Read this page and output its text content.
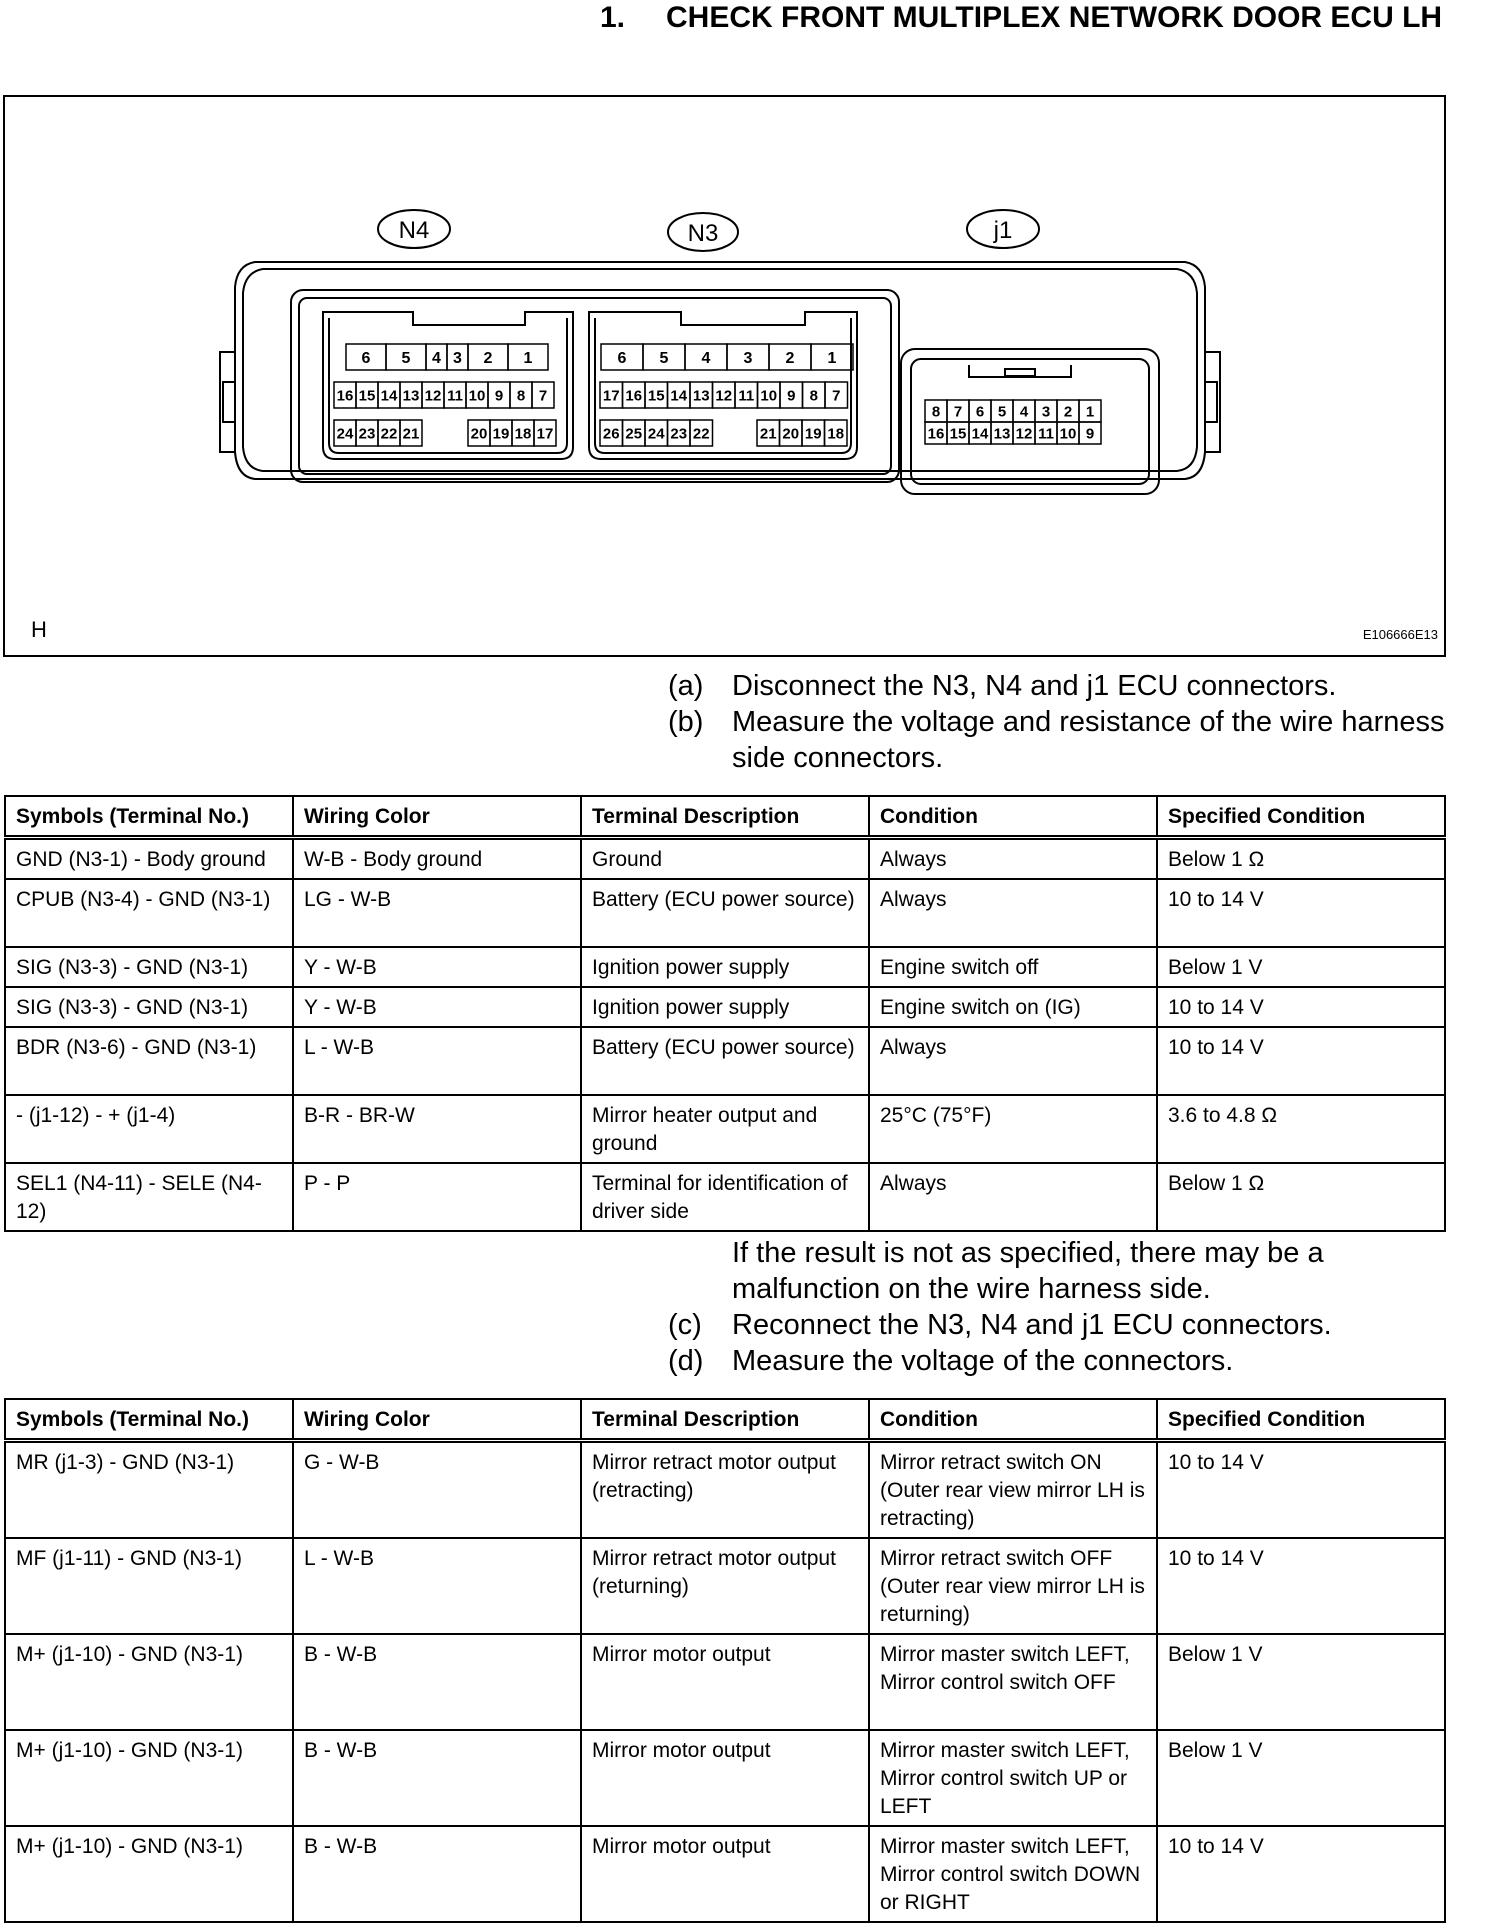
1. CHECK FRONT MULTIPLEX NETWORK DOOR ECU LH
6 5 4 3 2 1
16 15 14 13 12 11 10 9 8 7
24 23 22 21	20 19 18 17
6 5 4 3 2 1
17 16 15 14 13 12 11 10 9 8 7
26 25 24 23 22	21 20 19 18
8 7 6 5 4 3 2 1
16 15 14 13 12 11 10 9
N4	N3	j1
H	E106666E13
(a) Disconnect the N3, N4 and j1 ECU connectors.
(b) Measure the voltage and resistance of the wire harness side connectors.
Symbols (Terminal No.)	Wiring Color	Terminal Description	Condition	Specified Condition
GND (N3-1) - Body ground	W-B - Body ground	Ground	Always	Below 1 Ω
CPUB (N3-4) - GND (N3-1)	LG - W-B	Battery (ECU power source)	Always	10 to 14 V
SIG (N3-3) - GND (N3-1)	Y - W-B	Ignition power supply	Engine switch off	Below 1 V
SIG (N3-3) - GND (N3-1)	Y - W-B	Ignition power supply	Engine switch on (IG)	10 to 14 V
BDR (N3-6) - GND (N3-1)	L - W-B	Battery (ECU power source)	Always	10 to 14 V
- (j1-12) - + (j1-4)	B-R - BR-W	Mirror heater output and ground	25°C (75°F)	3.6 to 4.8 Ω
SEL1 (N4-11) - SELE (N4-12)	P - P	Terminal for identification of driver side	Always	Below 1 Ω
If the result is not as specified, there may be a malfunction on the wire harness side.
(c) Reconnect the N3, N4 and j1 ECU connectors.
(d) Measure the voltage of the connectors.
Symbols (Terminal No.)	Wiring Color	Terminal Description	Condition	Specified Condition
MR (j1-3) - GND (N3-1)	G - W-B	Mirror retract motor output (retracting)	Mirror retract switch ON (Outer rear view mirror LH is retracting)	10 to 14 V
MF (j1-11) - GND (N3-1)	L - W-B	Mirror retract motor output (returning)	Mirror retract switch OFF (Outer rear view mirror LH is returning)	10 to 14 V
M+ (j1-10) - GND (N3-1)	B - W-B	Mirror motor output	Mirror master switch LEFT, Mirror control switch OFF	Below 1 V
M+ (j1-10) - GND (N3-1)	B - W-B	Mirror motor output	Mirror master switch LEFT, Mirror control switch UP or LEFT	Below 1 V
M+ (j1-10) - GND (N3-1)	B - W-B	Mirror motor output	Mirror master switch LEFT, Mirror control switch DOWN or RIGHT	10 to 14 V
